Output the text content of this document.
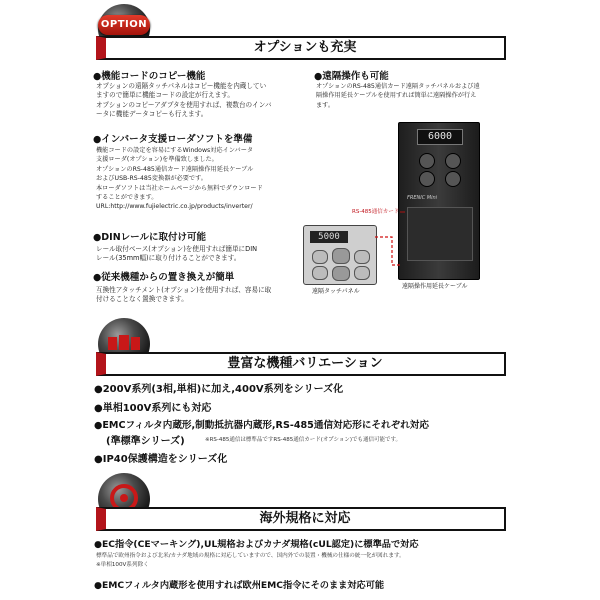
OPTION
オプションも充実
●機能コードのコピー機能
オプションの遠隔タッチパネルはコピー機能を内蔵してい
ますので簡単に機能コードの設定が行えます。
オプションのコピーアダプタを使用すれば、複数台のインバ
ータに機能データコピーも行えます。
●遠隔操作も可能
オプションのRS-485通信カード遠隔タッチパネルおよび遠
隔操作用延長ケーブルを使用すれば簡単に遠隔操作が行え
ます。
●インバータ支援ローダソフトを準備
機能コードの設定を容易にするWindows対応インバータ
支援ローダ(オプション)を準備致しました。
オプションのRS-485通信カード遠隔操作用延長ケーブル
およびUSB-RS-485変換器が必要です。
本ローダソフトは当社ホームページから無料でダウンロード
することができます。
URL:http://www.fujielectric.co.jp/products/inverter/
●DINレールに取付け可能
レール取付ベース(オプション)を使用すれば簡単にDIN
レール(35mm幅)に取り付けることができます。
●従来機種からの置き換えが簡単
互換性アタッチメント(オプション)を使用すれば、容易に取
付けることなく置換できます。
6000
FRENIC Mini
5000
RS-485通信カード
遠隔タッチパネル
遠隔操作用延長ケーブル
豊富な機種バリエーション
●200V系列(3相,単相)に加え,400V系列をシリーズ化
●単相100V系列にも対応
●EMCフィルタ内蔵形,制動抵抗器内蔵形,RS-485通信対応形にそれぞれ対応
(準標準シリーズ)	※RS-485通信は標準品ですRS-485通信カード(オプション)でも通信可能です。
●IP40保護構造をシリーズ化
海外規格に対応
●EC指令(CEマーキング),UL規格およびカナダ規格(cUL認定)に標準品で対応
標準品で欧州指令および北米/カナダ地域の規格に対応していますので、国内外での装置・機械の仕様の統一化が図れます。
※単相100V系列除く
●EMCフィルタ内蔵形を使用すれば欧州EMC指令にそのまま対応可能
